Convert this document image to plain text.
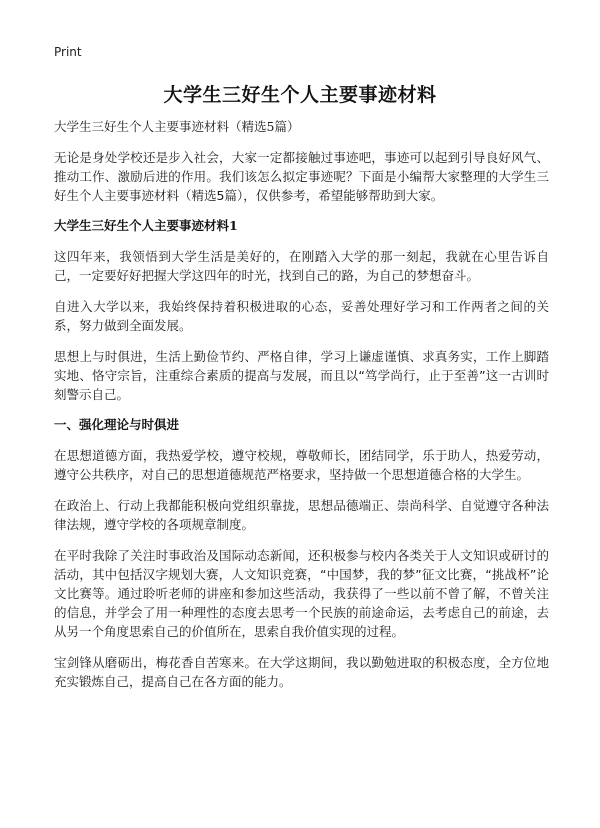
Print
大学生三好生个人主要事迹材料
大学生三好生个人主要事迹材料（精选5篇）

无论是身处学校还是步入社会，大家一定都接触过事迹吧，事迹可以起到引导良好风气、推动工作、激励后进的作用。我们该怎么拟定事迹呢？下面是小编帮大家整理的大学生三好生个人主要事迹材料（精选5篇），仅供参考，希望能够帮助到大家。

大学生三好生个人主要事迹材料1

这四年来，我领悟到大学生活是美好的，在刚踏入大学的那一刻起，我就在心里告诉自己，一定要好好把握大学这四年的时光，找到自己的路，为自己的梦想奋斗。

自进入大学以来，我始终保持着积极进取的心态，妥善处理好学习和工作两者之间的关系，努力做到全面发展。

思想上与时俱进，生活上勤俭节约、严格自律，学习上谦虚谨慎、求真务实，工作上脚踏实地、恪守宗旨，注重综合素质的提高与发展，而且以“笃学尚行，止于至善”这一古训时刻警示自己。

一、强化理论与时俱进

在思想道德方面，我热爱学校，遵守校规，尊敬师长，团结同学，乐于助人，热爱劳动，遵守公共秩序，对自己的思想道德规范严格要求，坚持做一个思想道德合格的大学生。

在政治上、行动上我都能积极向党组织靠拢，思想品德端正、崇尚科学、自觉遵守各种法律法规，遵守学校的各项规章制度。

在平时我除了关注时事政治及国际动态新闻，还积极参与校内各类关于人文知识或研讨的活动，其中包括汉字规划大赛，人文知识竞赛，“中国梦，我的梦”征文比赛，“挑战杯”论文比赛等。通过聆听老师的讲座和参加这些活动，我获得了一些以前不曾了解，不曾关注的信息，并学会了用一种理性的态度去思考一个民族的前途命运，去考虑自己的前途，去从另一个角度思索自己的价值所在，思索自我价值实现的过程。

宝剑锋从磨砺出，梅花香自苦寒来。在大学这期间，我以勤勉进取的积极态度，全方位地充实锻炼自己，提高自己在各方面的能力。
